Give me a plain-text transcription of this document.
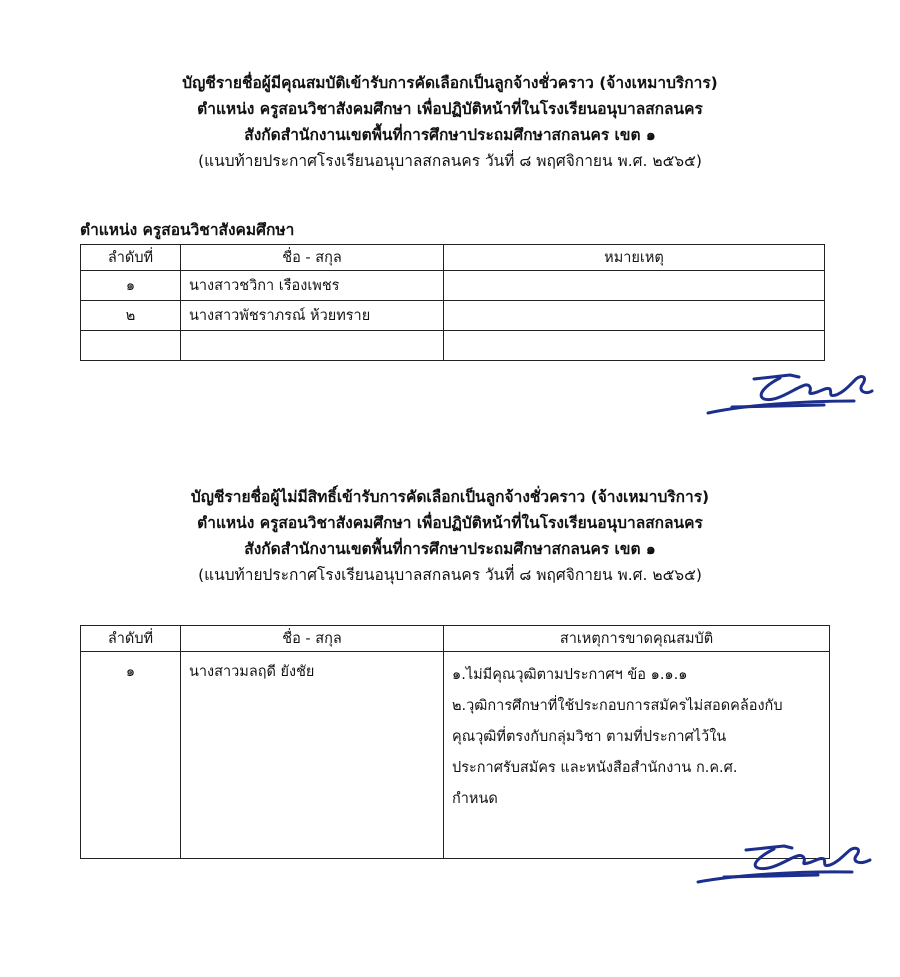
บัญชีรายชื่อผู้มีคุณสมบัติเข้ารับการคัดเลือกเป็นลูกจ้างชั่วคราว (จ้างเหมาบริการ)
ตำแหน่ง ครูสอนวิชาสังคมศึกษา เพื่อปฏิบัติหน้าที่ในโรงเรียนอนุบาลสกลนคร
สังกัดสำนักงานเขตพื้นที่การศึกษาประถมศึกษาสกลนคร เขต ๑
(แนบท้ายประกาศโรงเรียนอนุบาลสกลนคร วันที่ ๘ พฤศจิกายน พ.ศ. ๒๕๖๕)
ตำแหน่ง ครูสอนวิชาสังคมศึกษา
ลำดับที่	ชื่อ - สกุล	หมายเหตุ
๑	นางสาวชวิกา เรืองเพชร	
๒	นางสาวพัชราภรณ์ ห้วยทราย	

บัญชีรายชื่อผู้ไม่มีสิทธิ์เข้ารับการคัดเลือกเป็นลูกจ้างชั่วคราว (จ้างเหมาบริการ)
ตำแหน่ง ครูสอนวิชาสังคมศึกษา เพื่อปฏิบัติหน้าที่ในโรงเรียนอนุบาลสกลนคร
สังกัดสำนักงานเขตพื้นที่การศึกษาประถมศึกษาสกลนคร เขต ๑
(แนบท้ายประกาศโรงเรียนอนุบาลสกลนคร วันที่ ๘ พฤศจิกายน พ.ศ. ๒๕๖๕)
ลำดับที่	ชื่อ - สกุล	สาเหตุการขาดคุณสมบัติ
๑	นางสาวมลฤดี ยังชัย	๑.ไม่มีคุณวุฒิตามประกาศฯ ข้อ ๑.๑.๑
๒.วุฒิการศึกษาที่ใช้ประกอบการสมัครไม่สอดคล้องกับ
คุณวุฒิที่ตรงกับกลุ่มวิชา ตามที่ประกาศไว้ใน
ประกาศรับสมัคร และหนังสือสำนักงาน ก.ค.ศ.
กำหนด
